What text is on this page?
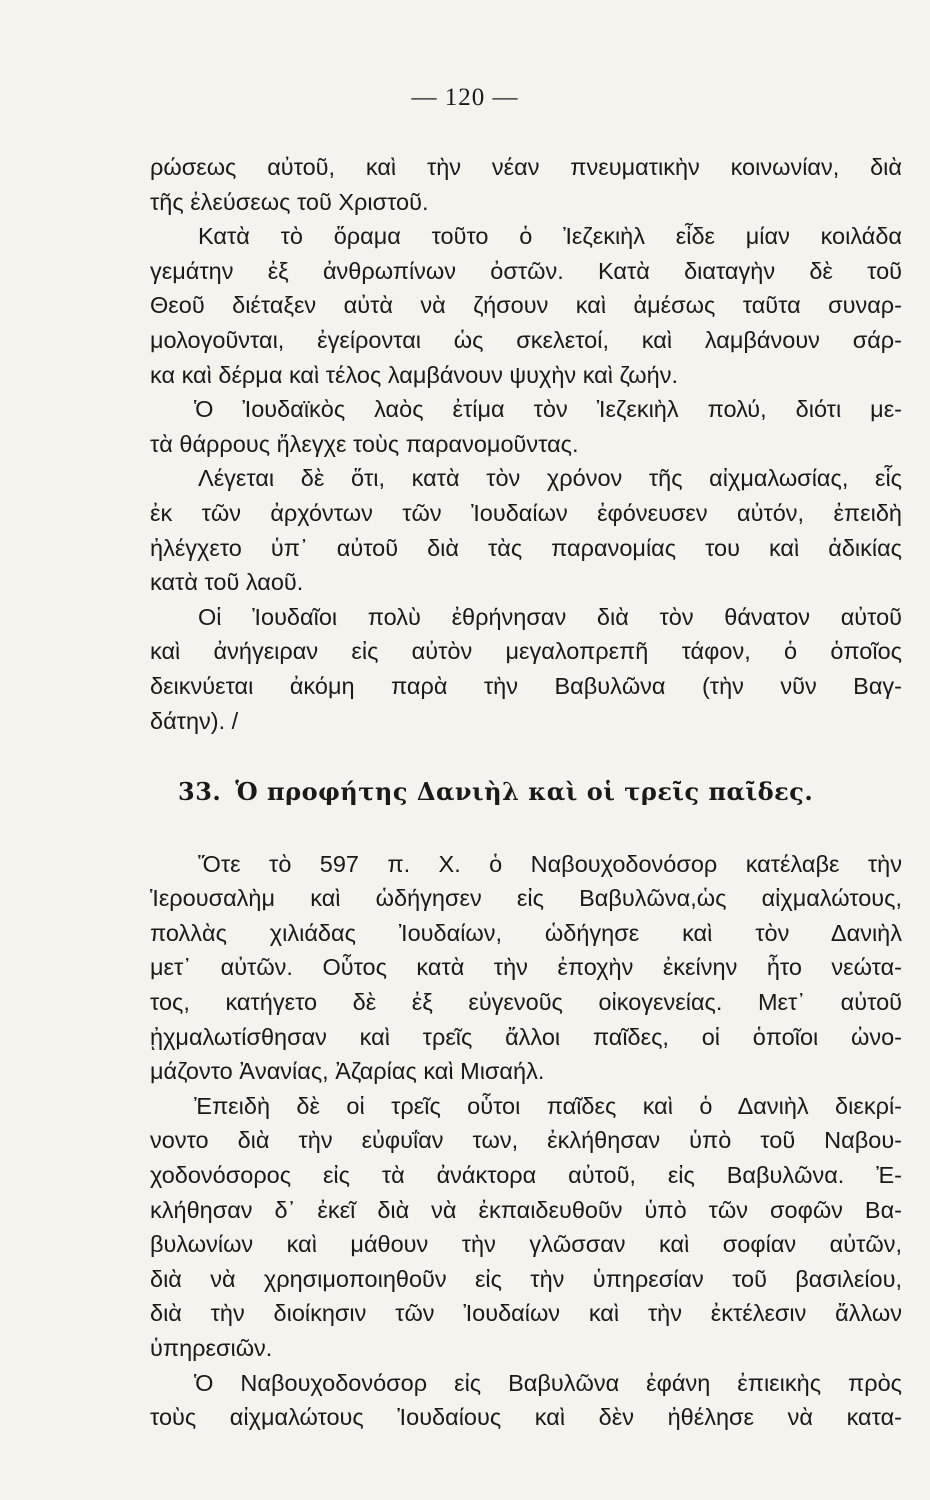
— 120 —
ρώσεως αὐτοῦ, καὶ τὴν νέαν πνευματικὴν κοινωνίαν, διὰ
τῆς ἐλεύσεως τοῦ Χριστοῦ.
Κατὰ τὸ ὅραμα τοῦτο ὁ Ἰεζεκιὴλ εἶδε μίαν κοιλάδα
γεμάτην ἐξ ἀνθρωπίνων ὀστῶν. Κατὰ διαταγὴν δὲ τοῦ
Θεοῦ διέταξεν αὐτὰ νὰ ζήσουν καὶ ἀμέσως ταῦτα συναρ-
μολογοῦνται, ἐγείρονται ὡς σκελετοί, καὶ λαμβάνουν σάρ-
κα καὶ δέρμα καὶ τέλος λαμβάνουν ψυχὴν καὶ ζωήν.
Ὁ Ἰουδαϊκὸς λαὸς ἐτίμα τὸν Ἰεζεκιὴλ πολύ, διότι με-
τὰ θάρρους ἤλεγχε τοὺς παρανομοῦντας.
Λέγεται δὲ ὅτι, κατὰ τὸν χρόνον τῆς αἰχμαλωσίας, εἷς
ἐκ τῶν ἀρχόντων τῶν Ἰουδαίων ἐφόνευσεν αὐτόν, ἐπειδὴ
ἠλέγχετο ὑπ᾽ αὐτοῦ διὰ τὰς παρανομίας του καὶ ἀδικίας
κατὰ τοῦ λαοῦ.
Οἱ Ἰουδαῖοι πολὺ ἐθρήνησαν διὰ τὸν θάνατον αὐτοῦ
καὶ ἀνήγειραν εἰς αὐτὸν μεγαλοπρεπῆ τάφον, ὁ ὁποῖος
δεικνύεται ἀκόμη παρὰ τὴν Βαβυλῶνα (τὴν νῦν Βαγ-
δάτην). /
33. Ὁ προφήτης Δανιὴλ καὶ οἱ τρεῖς παῖδες.
Ὅτε τὸ 597 π. Χ. ὁ Ναβουχοδονόσορ κατέλαβε τὴν
Ἱερουσαλὴμ καὶ ὡδήγησεν εἰς Βαβυλῶνα,ὡς αἰχμαλώτους,
πολλὰς χιλιάδας Ἰουδαίων, ὡδήγησε καὶ τὸν Δανιὴλ
μετ᾽ αὐτῶν. Οὗτος κατὰ τὴν ἐποχὴν ἐκείνην ἦτο νεώτα-
τος, κατήγετο δὲ ἐξ εὐγενοῦς οἰκογενείας. Μετ᾽ αὐτοῦ
ᾐχμαλωτίσθησαν καὶ τρεῖς ἄλλοι παῖδες, οἱ ὁποῖοι ὠνο-
μάζοντο Ἀνανίας, Ἀζαρίας καὶ Μισαήλ.
Ἐπειδὴ δὲ οἱ τρεῖς οὗτοι παῖδες καὶ ὁ Δανιὴλ διεκρί-
νοντο διὰ τὴν εὐφυΐαν των, ἐκλήθησαν ὑπὸ τοῦ Ναβου-
χοδονόσορος εἰς τὰ ἀνάκτορα αὐτοῦ, εἰς Βαβυλῶνα. Ἐ-
κλήθησαν δ᾽ ἐκεῖ διὰ νὰ ἐκπαιδευθοῦν ὑπὸ τῶν σοφῶν Βα-
βυλωνίων καὶ μάθουν τὴν γλῶσσαν καὶ σοφίαν αὐτῶν,
διὰ νὰ χρησιμοποιηθοῦν εἰς τὴν ὑπηρεσίαν τοῦ βασιλείου,
διὰ τὴν διοίκησιν τῶν Ἰουδαίων καὶ τὴν ἐκτέλεσιν ἄλλων
ὑπηρεσιῶν.
Ὁ Ναβουχοδονόσορ εἰς Βαβυλῶνα ἐφάνη ἐπιεικὴς πρὸς
τοὺς αἰχμαλώτους Ἰουδαίους καὶ δὲν ἠθέλησε νὰ κατα-
